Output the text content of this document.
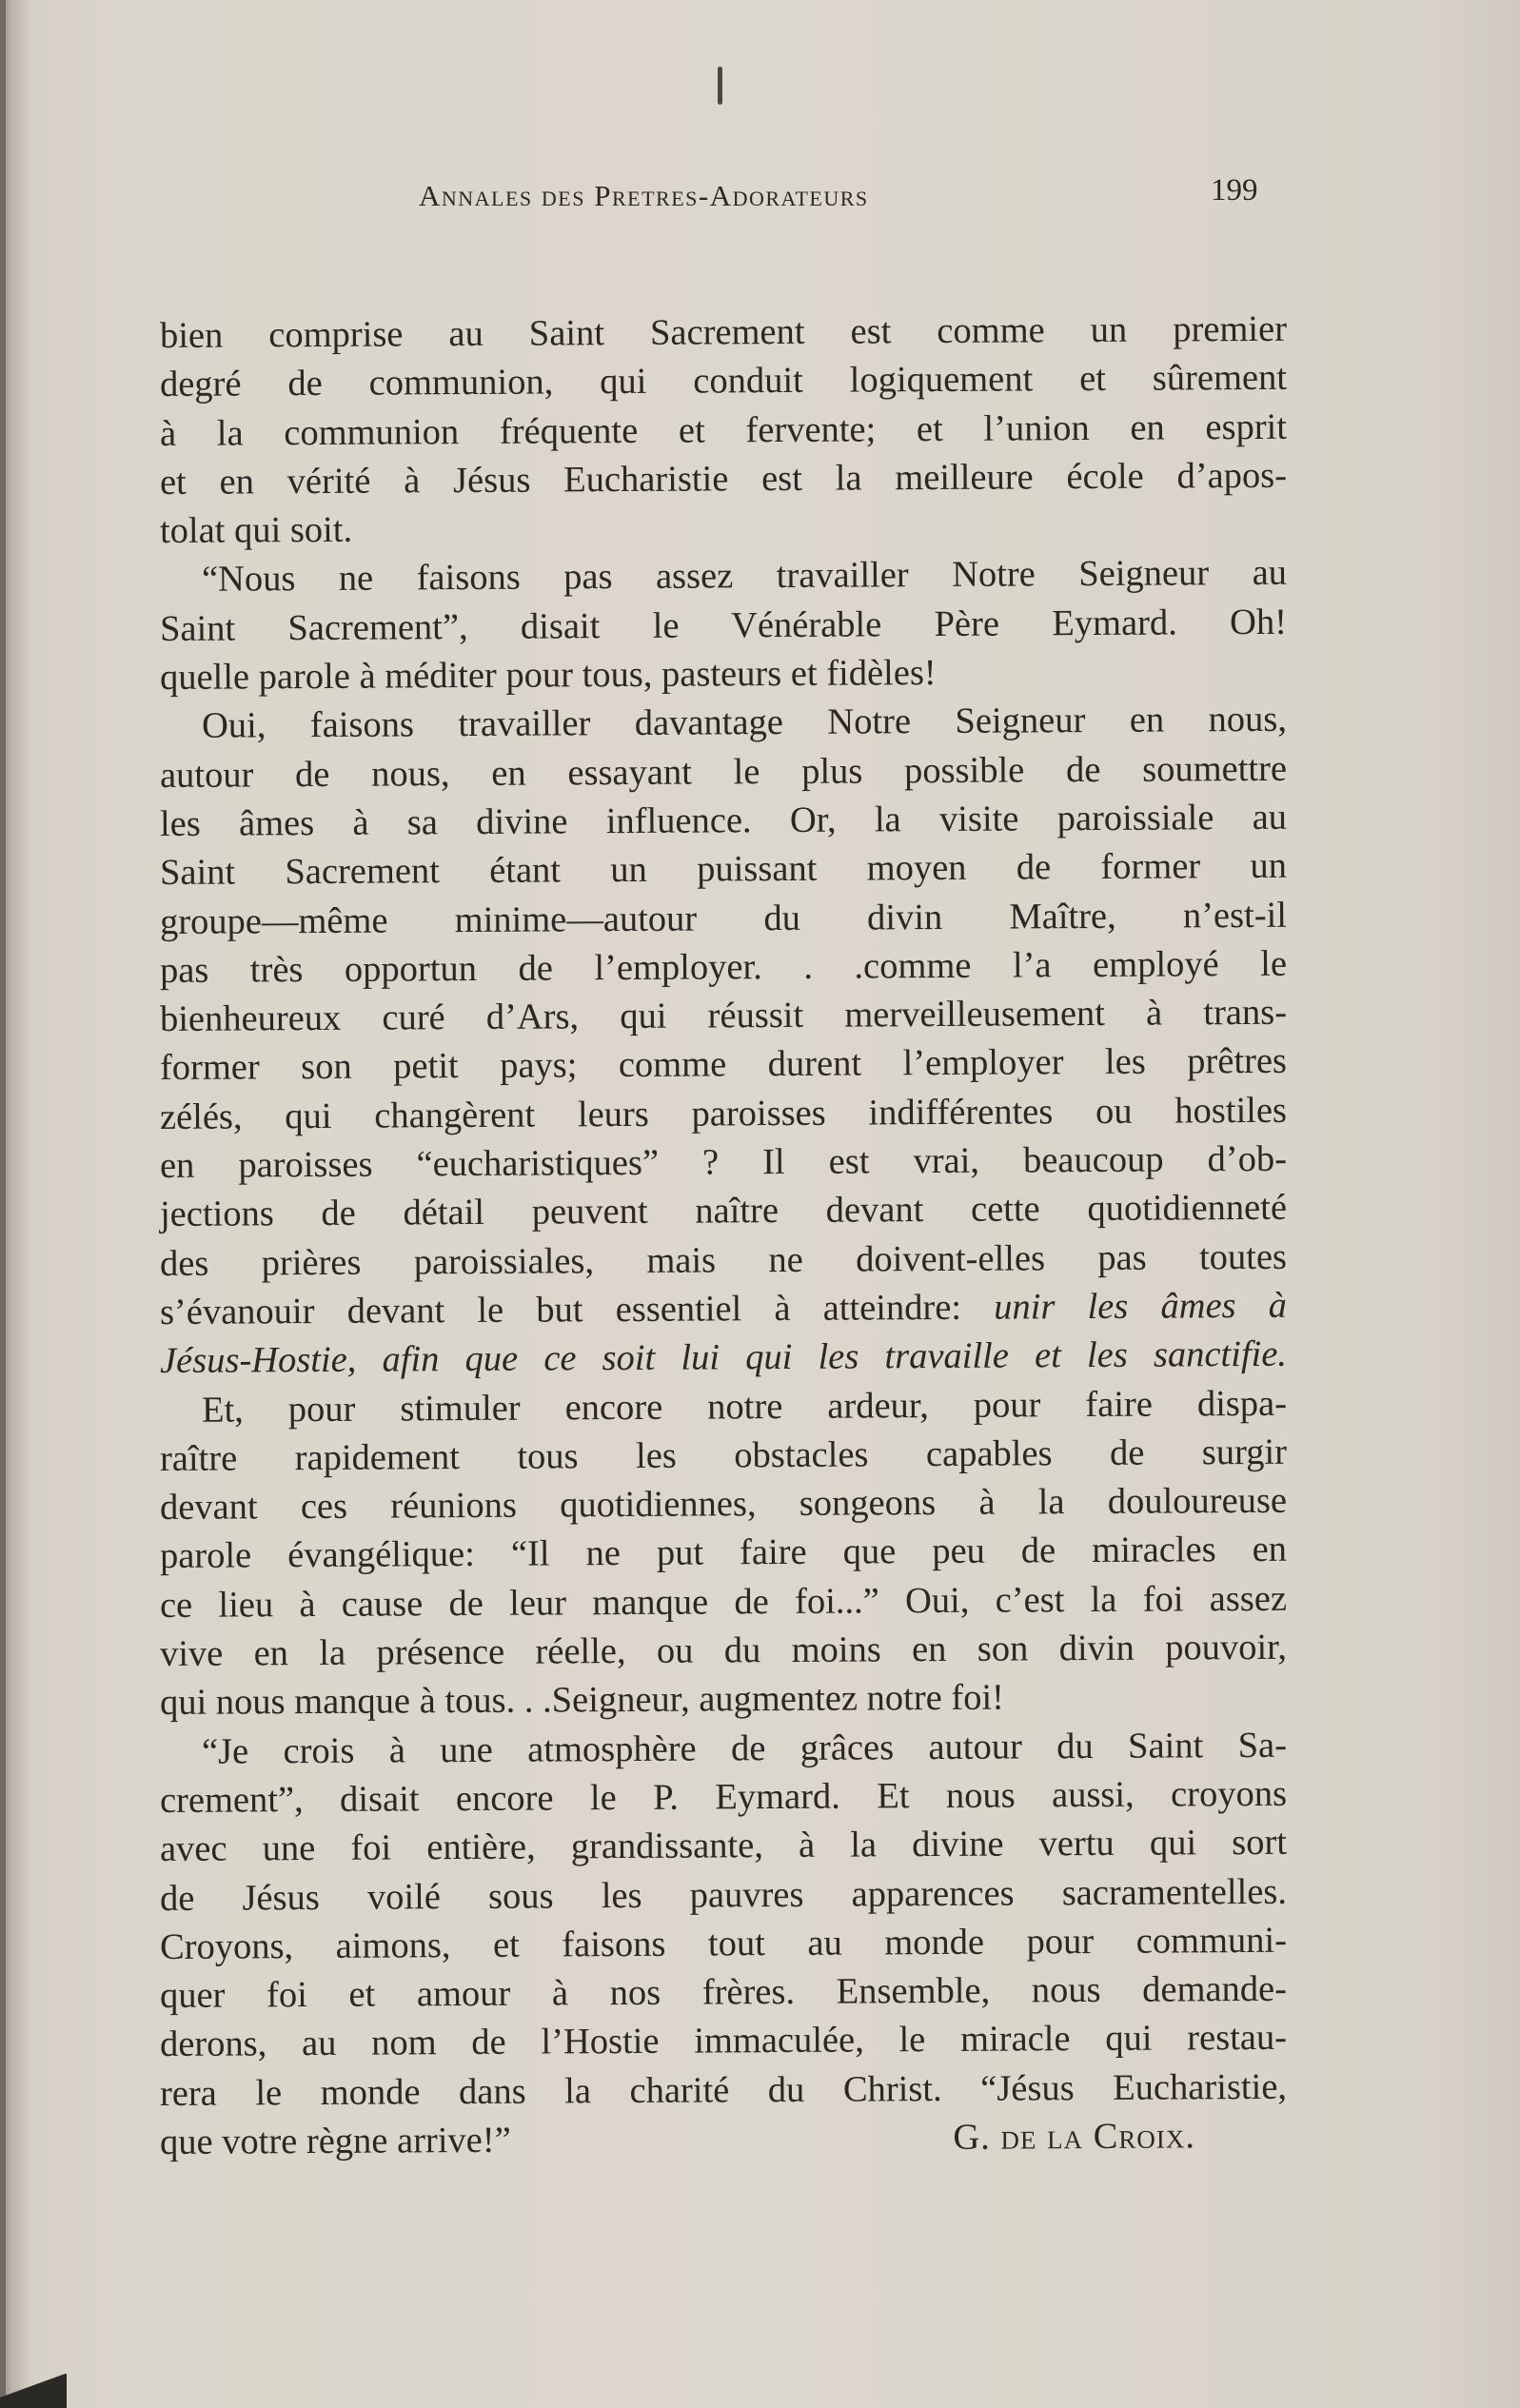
Annales des Pretres-Adorateurs	199
bien comprise au Saint Sacrement est comme un premier
degré de communion, qui conduit logiquement et sûrement
à la communion fréquente et fervente; et l’union en esprit
et en vérité à Jésus Eucharistie est la meilleure école d’apos-
tolat qui soit.
“Nous ne faisons pas assez travailler Notre Seigneur au
Saint Sacrement”, disait le Vénérable Père Eymard. Oh!
quelle parole à méditer pour tous, pasteurs et fidèles!
Oui, faisons travailler davantage Notre Seigneur en nous,
autour de nous, en essayant le plus possible de soumettre
les âmes à sa divine influence. Or, la visite paroissiale au
Saint Sacrement étant un puissant moyen de former un
groupe—même minime—autour du divin Maître, n’est-il
pas très opportun de l’employer. . .comme l’a employé le
bienheureux curé d’Ars, qui réussit merveilleusement à trans-
former son petit pays; comme durent l’employer les prêtres
zélés, qui changèrent leurs paroisses indifférentes ou hostiles
en paroisses “eucharistiques” ? Il est vrai, beaucoup d’ob-
jections de détail peuvent naître devant cette quotidienneté
des prières paroissiales, mais ne doivent-elles pas toutes
s’évanouir devant le but essentiel à atteindre: unir les âmes à
Jésus-Hostie, afin que ce soit lui qui les travaille et les sanctifie.
Et, pour stimuler encore notre ardeur, pour faire dispa-
raître rapidement tous les obstacles capables de surgir
devant ces réunions quotidiennes, songeons à la douloureuse
parole évangélique: “Il ne put faire que peu de miracles en
ce lieu à cause de leur manque de foi...” Oui, c’est la foi assez
vive en la présence réelle, ou du moins en son divin pouvoir,
qui nous manque à tous. . .Seigneur, augmentez notre foi!
“Je crois à une atmosphère de grâces autour du Saint Sa-
crement”, disait encore le P. Eymard. Et nous aussi, croyons
avec une foi entière, grandissante, à la divine vertu qui sort
de Jésus voilé sous les pauvres apparences sacramentelles.
Croyons, aimons, et faisons tout au monde pour communi-
quer foi et amour à nos frères. Ensemble, nous demande-
derons, au nom de l’Hostie immaculée, le miracle qui restau-
rera le monde dans la charité du Christ. “Jésus Eucharistie,
que votre règne arrive!”	G. de la Croix.
